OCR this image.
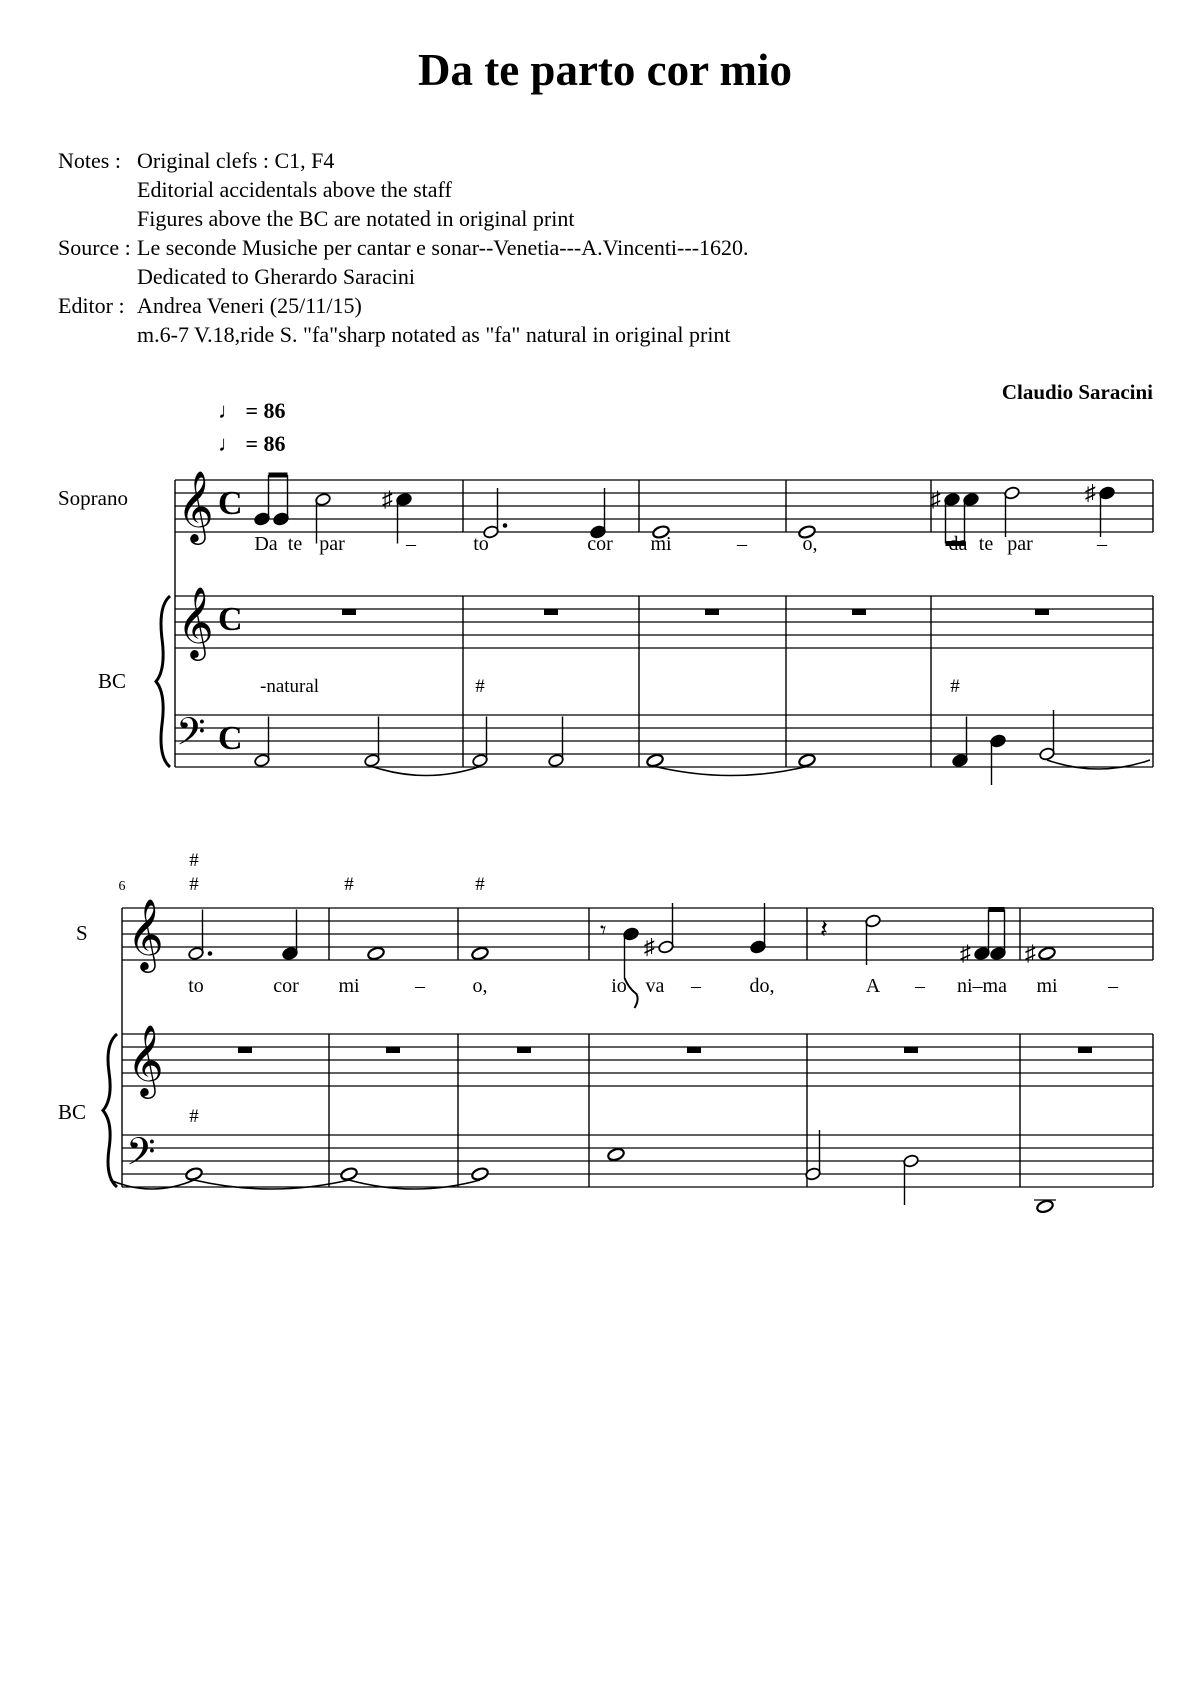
Da te parto cor mio
Notes : Original clefs : C1, F4
Editorial accidentals above the staff
Figures above the BC are notated in original print
Source : Le seconde Musiche per cantar e sonar--Venetia---A.Vincenti---1620.
Dedicated to Gherardo Saracini
Editor : Andrea Veneri (25/11/15)
m.6-7 V.18,ride S. "fa"sharp notated as "fa" natural in original print
Claudio Saracini
♩ = 86
♩ = 86
Soprano
BC
𝄞
𝄞
𝄢
C
C
C
♯	♯	♯
Da te par	–	to	cor mi	–	o,	da te par	–
-natural	#	#
6
S
BC
𝄞
𝄞
𝄢
#
#	#	#
𝄾
♯
𝄽
♯ ♯
to	cor mi	– o,	io va – do,	A – ni–ma mi	–
#
